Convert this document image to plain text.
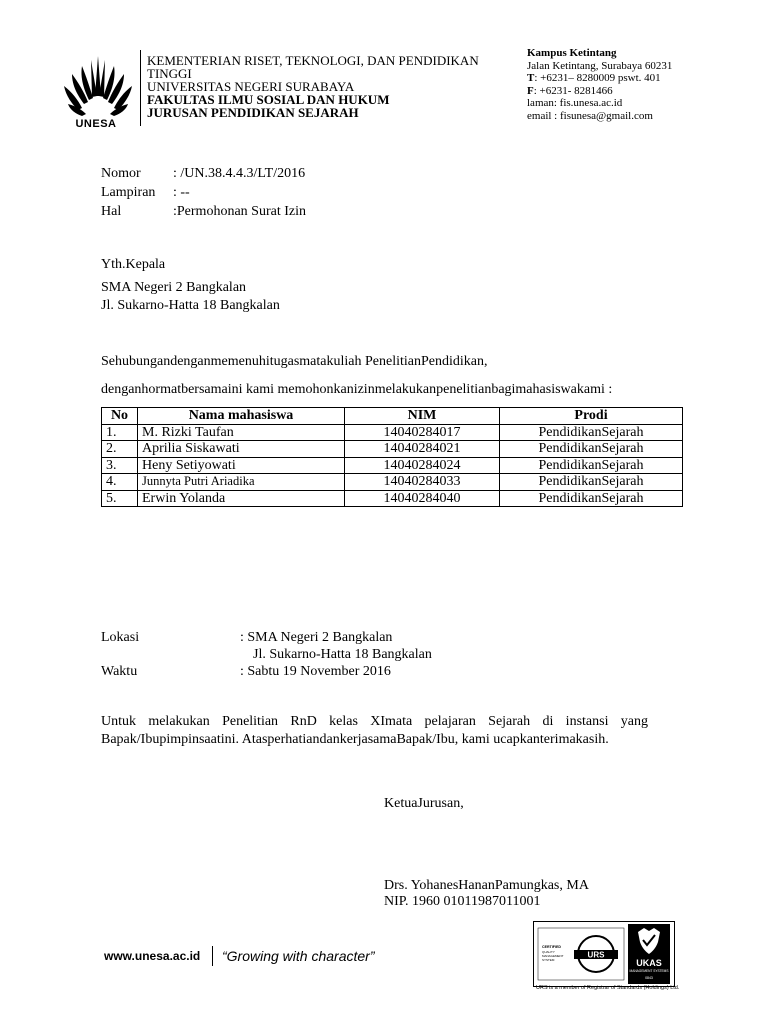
UNESA
KEMENTERIAN RISET, TEKNOLOGI, DAN PENDIDIKAN
TINGGI
UNIVERSITAS NEGERI SURABAYA
FAKULTAS ILMU SOSIAL DAN HUKUM
JURUSAN PENDIDIKAN SEJARAH
Kampus Ketintang
Jalan Ketintang, Surabaya 60231
T: +6231– 8280009 pswt. 401
F: +6231- 8281466
laman: fis.unesa.ac.id
email : fisunesa@gmail.com
Nomor : /UN.38.4.4.3/LT/2016
Lampiran : --
Hal	:Permohonan Surat Izin
Yth.Kepala
SMA Negeri 2 Bangkalan
Jl. Sukarno-Hatta 18 Bangkalan
Sehubungandenganmemenuhitugasmatakuliah PenelitianPendidikan,
denganhormatbersamaini kami memohonkanizinmelakukanpenelitianbagimahasiswakami :
No	Nama mahasiswa	NIM	Prodi
1.	M. Rizki Taufan	14040284017	PendidikanSejarah
2.	Aprilia Siskawati	14040284021	PendidikanSejarah
3.	Heny Setiyowati	14040284024	PendidikanSejarah
4.	Junnyta Putri Ariadika	14040284033	PendidikanSejarah
5.	Erwin Yolanda	14040284040	PendidikanSejarah
Lokasi	: SMA Negeri 2 Bangkalan
Jl. Sukarno-Hatta 18 Bangkalan
Waktu	: Sabtu 19 November 2016
Untuk melakukan Penelitian RnD kelas XImata pelajaran Sejarah di instansi yang Bapak/Ibupimpinsaatini. AtasperhatiandankerjasamaBapak/Ibu, kami ucapkanterimakasih.
KetuaJurusan,
Drs. YohanesHananPamungkas, MA
NIP. 1960 01011987011001
www.unesa.ac.id “Growing with character”	URS
CERTIFIED
QUALITY
MANAGEMENT
SYSTEM	UKAS
MANAGEMENT SYSTEMS
0843
URS is a member of Registrar of Standards (Holdings) Ltd.
